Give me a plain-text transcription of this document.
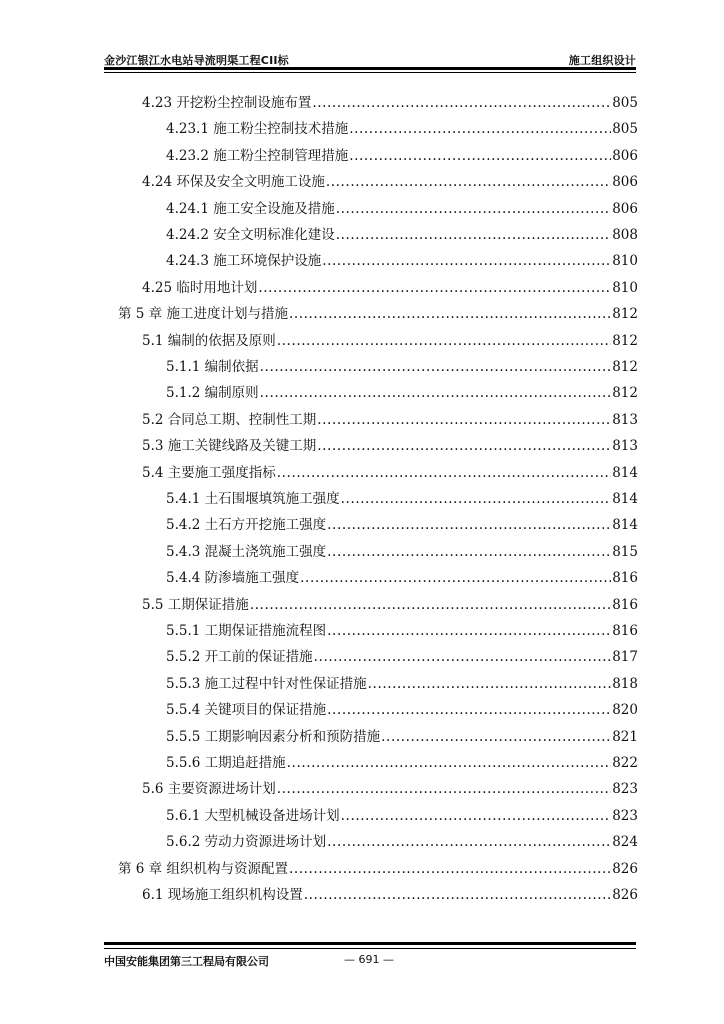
金沙江银江水电站导流明渠工程CII标	施工组织设计
4.23 开挖粉尘控制设施布置 .....	805
4.23.1 施工粉尘控制技术措施 .....	805
4.23.2 施工粉尘控制管理措施 .....	806
4.24 环保及安全文明施工设施 .....	806
4.24.1 施工安全设施及措施 .....	806
4.24.2 安全文明标准化建设 .....	808
4.24.3 施工环境保护设施 .....	810
4.25 临时用地计划 .....	810
第 5 章 施工进度计划与措施 .....	812
5.1 编制的依据及原则 .....	812
5.1.1 编制依据 .....	812
5.1.2 编制原则 .....	812
5.2 合同总工期、控制性工期 .....	813
5.3 施工关键线路及关键工期 .....	813
5.4 主要施工强度指标 .....	814
5.4.1 土石围堰填筑施工强度 .....	814
5.4.2 土石方开挖施工强度 .....	814
5.4.3 混凝土浇筑施工强度 .....	815
5.4.4 防渗墙施工强度 .....	816
5.5 工期保证措施 .....	816
5.5.1 工期保证措施流程图 .....	816
5.5.2 开工前的保证措施 .....	817
5.5.3 施工过程中针对性保证措施 .....	818
5.5.4 关键项目的保证措施 .....	820
5.5.5 工期影响因素分析和预防措施 .....	821
5.5.6 工期追赶措施 .....	822
5.6 主要资源进场计划 .....	823
5.6.1 大型机械设备进场计划 .....	823
5.6.2 劳动力资源进场计划 .....	824
第 6 章 组织机构与资源配置 .....	826
6.1 现场施工组织机构设置 .....	826
中国安能集团第三工程局有限公司	— 691 —
